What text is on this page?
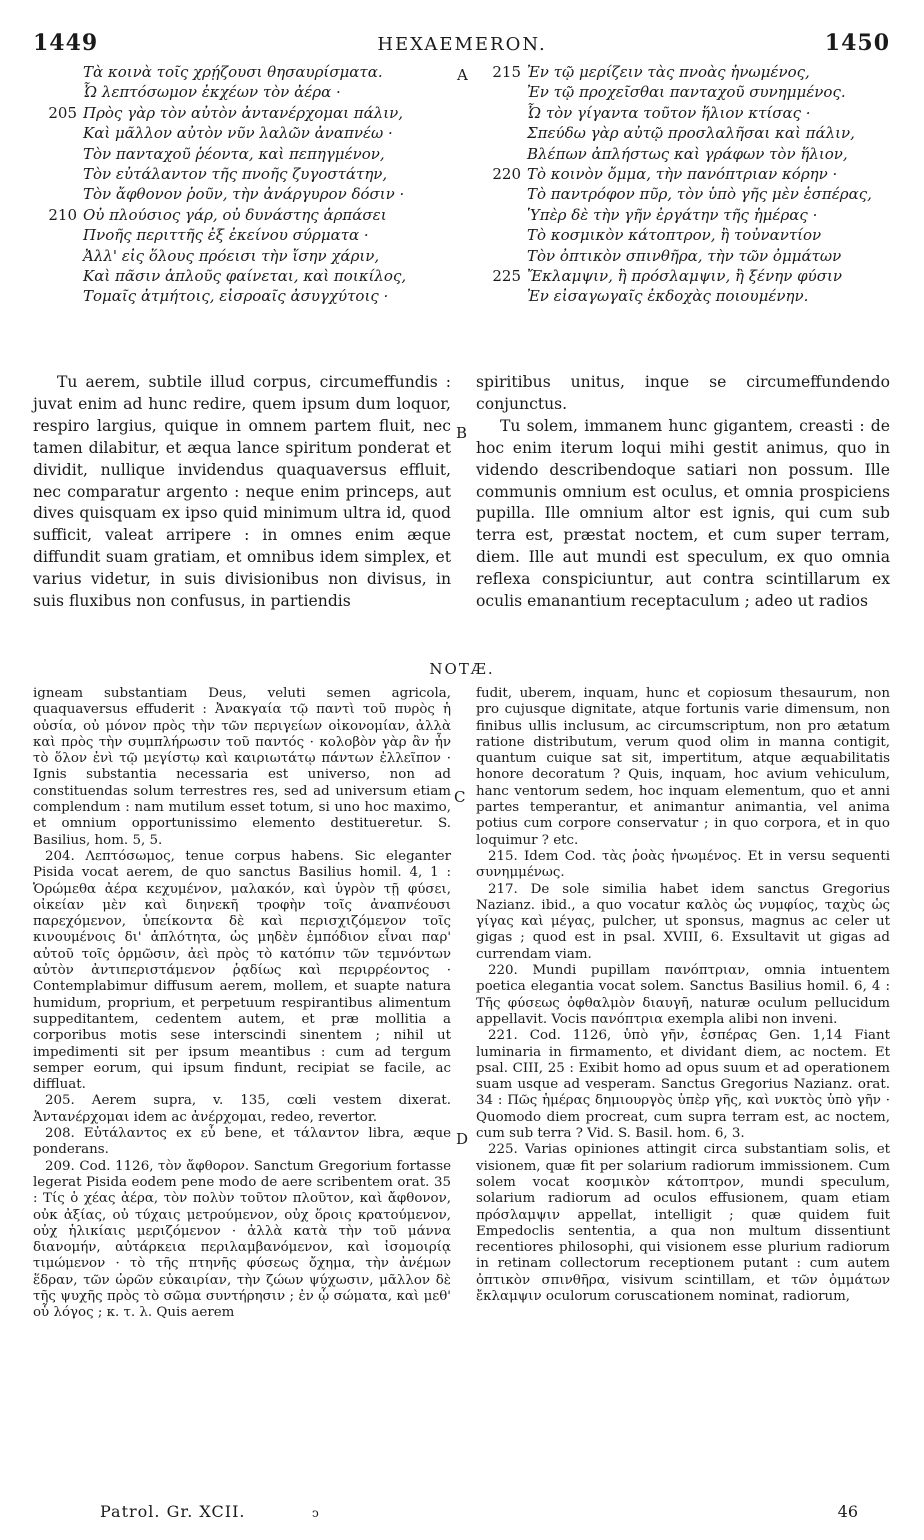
1449	HEXAEMERON.	1450
Τὰ κοινὰ τοῖς χρῄζουσι θησαυρίσματα.
Ὦ λεπτόσωμον ἐκχέων τὸν ἀέρα ·
205 Πρὸς γὰρ τὸν αὐτὸν ἀντανέρχομαι πάλιν,
Καὶ μᾶλλον αὐτὸν νῦν λαλῶν ἀναπνέω ·
Τὸν πανταχοῦ ῥέοντα, καὶ πεπηγμένον,
Τὸν εὐτάλαντον τῆς πνοῆς ζυγοστάτην,
Τὸν ἄφθονον ῥοῦν, τὴν ἀνάργυρον δόσιν ·
210 Οὐ πλούσιος γάρ, οὐ δυνάστης ἁρπάσει
Πνοῆς περιττῆς ἐξ ἐκείνου σύρματα ·
Ἀλλ' εἰς ὅλους πρόεισι τὴν ἴσην χάριν,
Καὶ πᾶσιν ἁπλοῦς φαίνεται, καὶ ποικίλος,
Τομαῖς ἀτμήτοις, εἰσροαῖς ἀσυγχύτοις ·
215 Ἐν τῷ μερίζειν τὰς πνοὰς ἡνωμένος,
Ἐν τῷ προχεῖσθαι πανταχοῦ συνημμένος.
Ὦ τὸν γίγαντα τοῦτον ἥλιον κτίσας ·
Σπεύδω γὰρ αὐτῷ προσλαλῆσαι καὶ πάλιν,
Βλέπων ἀπλήστως καὶ γράφων τὸν ἥλιον,
220 Τὸ κοινὸν ὄμμα, τὴν πανόπτριαν κόρην ·
Τὸ παντρόφον πῦρ, τὸν ὑπὸ γῆς μὲν ἑσπέρας,
Ὑπὲρ δὲ τὴν γῆν ἐργάτην τῆς ἡμέρας ·
Τὸ κοσμικὸν κάτοπτρον, ἢ τοὐναντίον
Τὸν ὀπτικὸν σπινθῆρα, τὴν τῶν ὀμμάτων
225 Ἔκλαμψιν, ἢ πρόσλαμψιν, ἢ ξένην φύσιν
Ἐν εἰσαγωγαῖς ἐκδοχὰς ποιουμένην.
A
B
C
D

Tu aerem, subtile illud corpus, circumeffundis : juvat enim ad hunc redire, quem ipsum dum loquor, respiro largius, quique in omnem partem fluit, nec tamen dilabitur, et æqua lance spiritum ponderat et dividit, nullique invidendus quaquaversus effluit, nec comparatur argento : neque enim princeps, aut dives quisquam ex ipso quid minimum ultra id, quod sufficit, valeat arripere : in omnes enim æque diffundit suam gratiam, et omnibus idem simplex, et varius videtur, in suis divisionibus non divisus, in suis fluxibus non confusus, in partiendis

spiritibus unitus, inque se circumeffundendo conjunctus.

Tu solem, immanem hunc gigantem, creasti : de hoc enim iterum loqui mihi gestit animus, quo in videndo describendoque satiari non possum. Ille communis omnium est oculus, et omnia prospiciens pupilla. Ille omnium altor est ignis, qui cum sub terra est, præstat noctem, et cum super terram, diem. Ille aut mundi est speculum, ex quo omnia reflexa conspiciuntur, aut contra scintillarum ex oculis emanantium receptaculum ; adeo ut radios

NOTÆ.

igneam substantiam Deus, veluti semen agricola, quaquaversus effuderit : Ἀνακγαία τῷ παντὶ τοῦ πυρὸς ἡ οὐσία, οὐ μόνον πρὸς τὴν τῶν περιγείων οἰκονομίαν, ἀλλὰ καὶ πρὸς τὴν συμπλήρωσιν τοῦ παντός · κολοβὸν γὰρ ἂν ἦν τὸ ὅλον ἐνὶ τῷ μεγίστῳ καὶ καιριωτάτῳ πάντων ἐλλεῖπον · Ignis substantia necessaria est universo, non ad constituendas solum terrestres res, sed ad universum etiam complendum : nam mutilum esset totum, si uno hoc maximo, et omnium opportunissimo elemento destitueretur. S. Basilius, hom. 5, 5.

204. Λεπτόσωμος, tenue corpus habens. Sic eleganter Pisida vocat aerem, de quo sanctus Basilius homil. 4, 1 : Ὁρώμεθα ἀέρα κεχυμένον, μαλακόν, καὶ ὑγρὸν τῇ φύσει, οἰκείαν μὲν καὶ διηνεκῆ τροφὴν τοῖς ἀναπνέουσι παρεχόμενον, ὑπείκοντα δὲ καὶ περισχιζόμενον τοῖς κινουμένοις δι' ἁπλότητα, ὡς μηδὲν ἐμπόδιον εἶναι παρ' αὐτοῦ τοῖς ὁρμῶσιν, ἀεὶ πρὸς τὸ κατόπιν τῶν τεμνόντων αὐτὸν ἀντιπεριστάμενον ῥᾳδίως καὶ περιρρέοντος · Contemplabimur diffusum aerem, mollem, et suapte natura humidum, proprium, et perpetuum respirantibus alimentum suppeditantem, cedentem autem, et præ mollitia a corporibus motis sese interscindi sinentem ; nihil ut impedimenti sit per ipsum meantibus : cum ad tergum semper eorum, qui ipsum findunt, recipiat se facile, ac diffluat.

205. Aerem supra, v. 135, cœli vestem dixerat. Ἀντανέρχομαι idem ac ἀνέρχομαι, redeo, revertor.

208. Εὐτάλαντος ex εὖ bene, et τάλαντον libra, æque ponderans.

209. Cod. 1126, τὸν ἄφθορον. Sanctum Gregorium fortasse legerat Pisida eodem pene modo de aere scribentem orat. 35 : Τίς ὁ χέας ἀέρα, τὸν πολὺν τοῦτον πλοῦτον, καὶ ἄφθονον, οὐκ ἀξίας, οὐ τύχαις μετρούμενον, οὐχ ὅροις κρατούμενον, οὐχ ἡλικίαις μεριζόμενον · ἀλλὰ κατὰ τὴν τοῦ μάννα διανομήν, αὐτάρκεια περιλαμβανόμενον, καὶ ἰσομοιρίᾳ τιμώμενον · τὸ τῆς πτηνῆς φύσεως ὄχημα, τὴν ἀνέμων ἕδραν, τῶν ὡρῶν εὐκαιρίαν, τὴν ζώων ψύχωσιν, μᾶλλον δὲ τῆς ψυχῆς πρὸς τὸ σῶμα συντήρησιν ; ἐν ᾧ σώματα, καὶ μεθ' οὗ λόγος ; κ. τ. λ. Quis aerem

fudit, uberem, inquam, hunc et copiosum thesaurum, non pro cujusque dignitate, atque fortunis varie dimensum, non finibus ullis inclusum, ac circumscriptum, non pro ætatum ratione distributum, verum quod olim in manna contigit, quantum cuique sat sit, impertitum, atque æquabilitatis honore decoratum ? Quis, inquam, hoc avium vehiculum, hanc ventorum sedem, hoc inquam elementum, quo et anni partes temperantur, et animantur animantia, vel anima potius cum corpore conservatur ; in quo corpora, et in quo loquimur ? etc.

215. Idem Cod. τὰς ῥοὰς ἡνωμένος. Et in versu sequenti συνημμένως.

217. De sole similia habet idem sanctus Gregorius Nazianz. ibid., a quo vocatur καλὸς ὡς νυμφίος, ταχὺς ὡς γίγας καὶ μέγας, pulcher, ut sponsus, magnus ac celer ut gigas ; quod est in psal. XVIII, 6. Exsultavit ut gigas ad currendam viam.

220. Mundi pupillam πανόπτριαν, omnia intuentem poetica elegantia vocat solem. Sanctus Basilius homil. 6, 4 : Τῆς φύσεως ὀφθαλμὸν διαυγῆ, naturæ oculum pellucidum appellavit. Vocis πανόπτρια exempla alibi non inveni.

221. Cod. 1126, ὑπὸ γῆν, ἑσπέρας Gen. 1,14 Fiant luminaria in firmamento, et dividant diem, ac noctem. Et psal. CIII, 25 : Exibit homo ad opus suum et ad operationem suam usque ad vesperam. Sanctus Gregorius Nazianz. orat. 34 : Πῶς ἡμέρας δημιουργὸς ὑπὲρ γῆς, καὶ νυκτὸς ὑπὸ γῆν · Quomodo diem procreat, cum supra terram est, ac noctem, cum sub terra ? Vid. S. Basil. hom. 6, 3.

225. Varias opiniones attingit circa substantiam solis, et visionem, quæ fit per solarium radiorum immissionem. Cum solem vocat κοσμικὸν κάτοπτρον, mundi speculum, solarium radiorum ad oculos effusionem, quam etiam πρόσλαμψιν appellat, intelligit ; quæ quidem fuit Empedoclis sententia, a qua non multum dissentiunt recentiores philosophi, qui visionem esse plurium radiorum in retinam collectorum receptionem putant : cum autem ὀπτικὸν σπινθῆρα, visivum scintillam, et τῶν ὀμμάτων ἔκλαμψιν oculorum coruscationem nominat, radiorum,

Patrol. Gr. XCII.	ͻ	46
